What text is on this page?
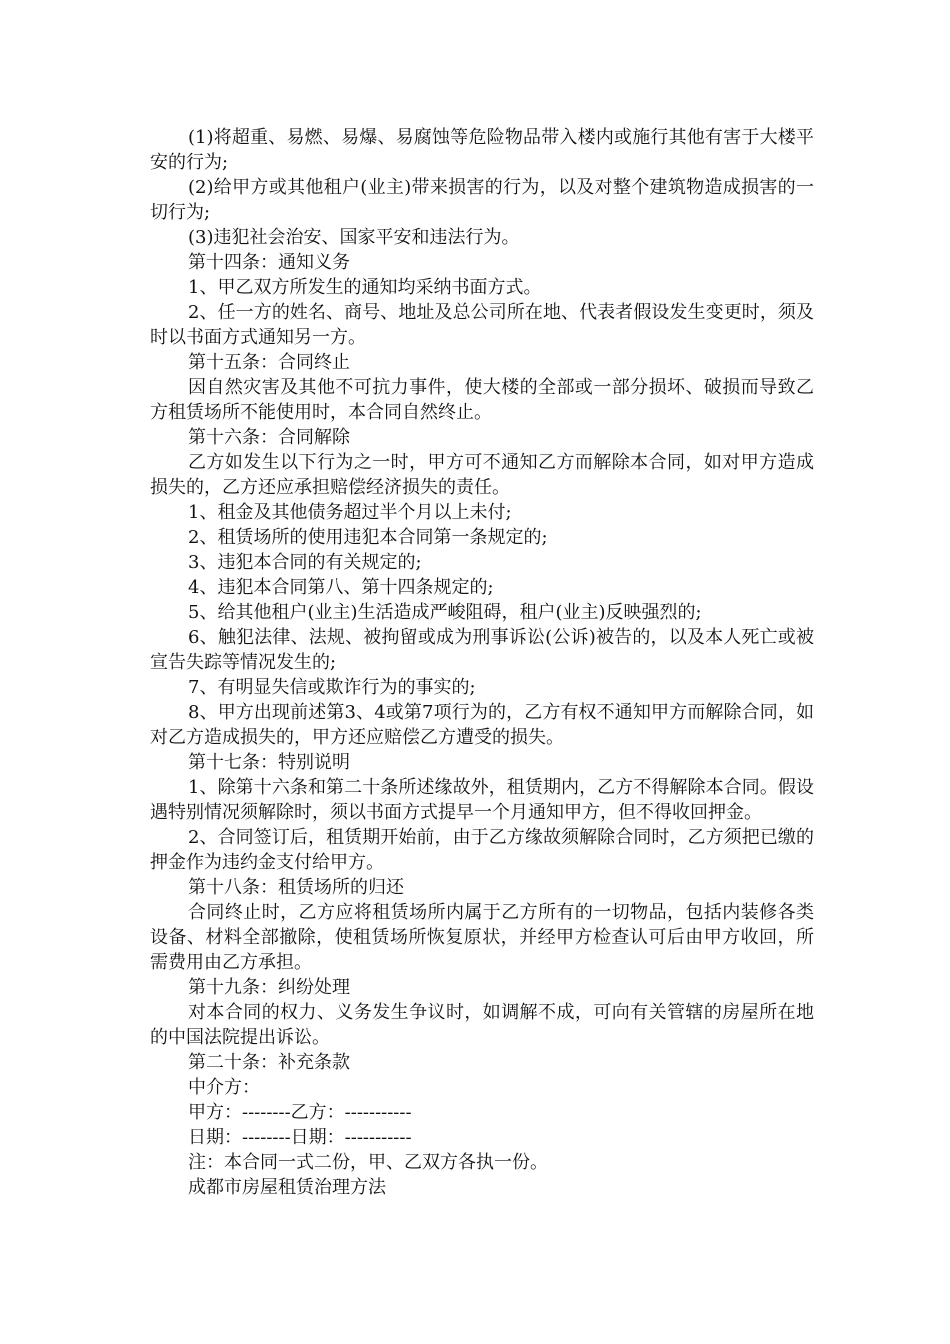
(1)将超重、易燃、易爆、易腐蚀等危险物品带入楼内或施行其他有害于大楼平安的行为;

(2)给甲方或其他租户(业主)带来损害的行为，以及对整个建筑物造成损害的一切行为;

(3)违犯社会治安、国家平安和违法行为。

第十四条：通知义务

1、甲乙双方所发生的通知均采纳书面方式。

2、任一方的姓名、商号、地址及总公司所在地、代表者假设发生变更时，须及时以书面方式通知另一方。

第十五条：合同终止

因自然灾害及其他不可抗力事件，使大楼的全部或一部分损坏、破损而导致乙方租赁场所不能使用时，本合同自然终止。

第十六条：合同解除

乙方如发生以下行为之一时，甲方可不通知乙方而解除本合同，如对甲方造成损失的，乙方还应承担赔偿经济损失的责任。

1、租金及其他债务超过半个月以上未付;

2、租赁场所的使用违犯本合同第一条规定的;

3、违犯本合同的有关规定的;

4、违犯本合同第八、第十四条规定的;

5、给其他租户(业主)生活造成严峻阻碍，租户(业主)反映强烈的;

6、触犯法律、法规、被拘留或成为刑事诉讼(公诉)被告的，以及本人死亡或被宣告失踪等情况发生的;

7、有明显失信或欺诈行为的事实的;

8、甲方出现前述第3、4或第7项行为的，乙方有权不通知甲方而解除合同，如对乙方造成损失的，甲方还应赔偿乙方遭受的损失。

第十七条：特别说明

1、除第十六条和第二十条所述缘故外，租赁期内，乙方不得解除本合同。假设遇特别情况须解除时，须以书面方式提早一个月通知甲方，但不得收回押金。

2、合同签订后，租赁期开始前，由于乙方缘故须解除合同时，乙方须把已缴的押金作为违约金支付给甲方。

第十八条：租赁场所的归还

合同终止时，乙方应将租赁场所内属于乙方所有的一切物品，包括内装修各类设备、材料全部撤除，使租赁场所恢复原状，并经甲方检查认可后由甲方收回，所需费用由乙方承担。

第十九条：纠纷处理

对本合同的权力、义务发生争议时，如调解不成，可向有关管辖的房屋所在地的中国法院提出诉讼。

第二十条：补充条款

中介方：

甲方：--------乙方：-----------

日期：--------日期：-----------

注：本合同一式二份，甲、乙双方各执一份。

成都市房屋租赁治理方法
